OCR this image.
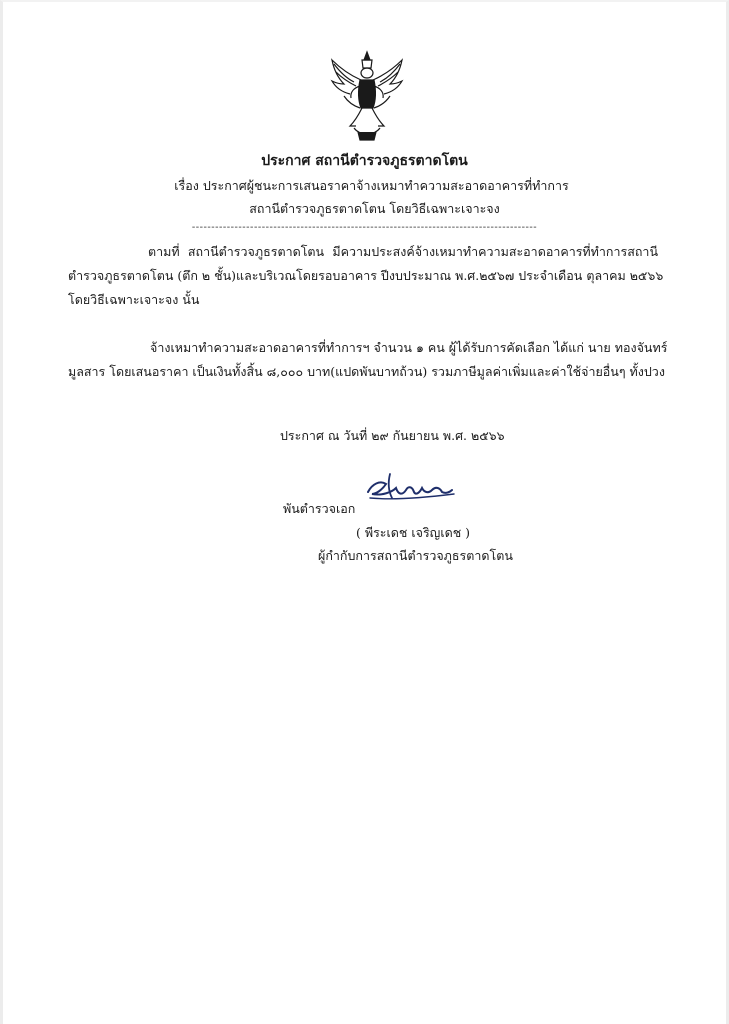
ประกาศ สถานีตำรวจภูธรตาดโตน
เรื่อง ประกาศผู้ชนะการเสนอราคาจ้างเหมาทำความสะอาดอาคารที่ทำการ
สถานีตำรวจภูธรตาดโตน โดยวิธีเฉพาะเจาะจง
-----------------------------------------------------------------------------------------
ตามที่ สถานีตำรวจภูธรตาดโตน มีความประสงค์จ้างเหมาทำความสะอาดอาคารที่ทำการสถานี
ตำรวจภูธรตาดโตน (ตึก ๒ ชั้น)และบริเวณโดยรอบอาคาร ปีงบประมาณ พ.ศ.๒๕๖๗ ประจำเดือน ตุลาคม ๒๕๖๖
โดยวิธีเฉพาะเจาะจง นั้น
จ้างเหมาทำความสะอาดอาคารที่ทำการฯ จำนวน ๑ คน ผู้ได้รับการคัดเลือก ได้แก่ นาย ทองจันทร์
มูลสาร โดยเสนอราคา เป็นเงินทั้งสิ้น ๘,๐๐๐ บาท(แปดพันบาทถ้วน) รวมภาษีมูลค่าเพิ่มและค่าใช้จ่ายอื่นๆ ทั้งปวง
ประกาศ ณ วันที่ ๒๙ กันยายน พ.ศ. ๒๕๖๖
พันตำรวจเอก
( พีระเดช เจริญเดช )
ผู้กำกับการสถานีตำรวจภูธรตาดโตน
